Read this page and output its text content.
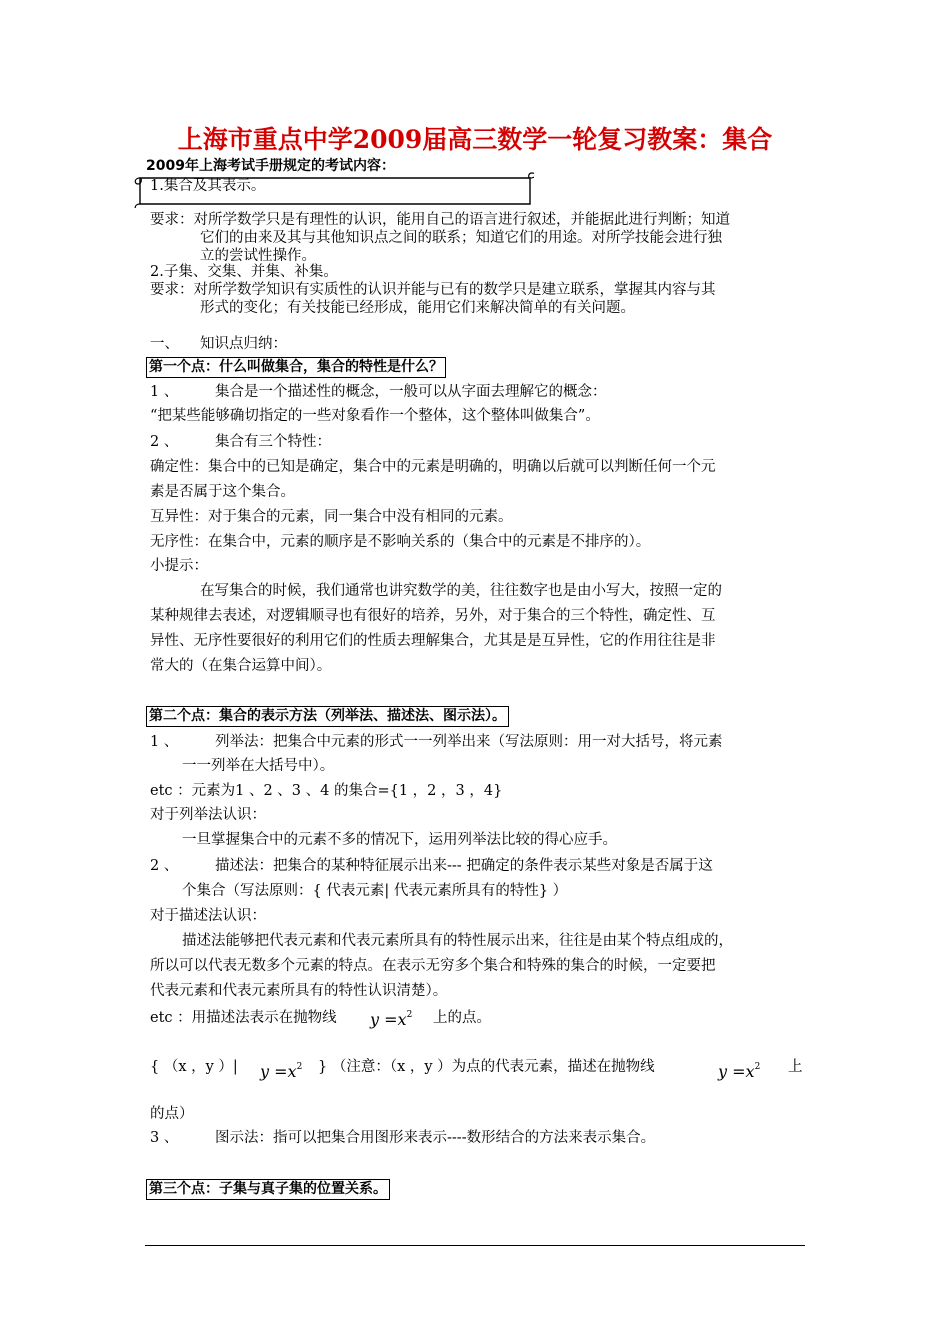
上海市重点中学2009届高三数学一轮复习教案：集合
2009年上海考试手册规定的考试内容：
1.集合及其表示。
要求：对所学数学只是有理性的认识，能用自己的语言进行叙述，并能据此进行判断；知道
它们的由来及其与其他知识点之间的联系；知道它们的用途。对所学技能会进行独
立的尝试性操作。
2.子集、交集、并集、补集。
要求：对所学数学知识有实质性的认识并能与已有的数学只是建立联系，掌握其内容与其
形式的变化；有关技能已经形成，能用它们来解决简单的有关问题。
一、 知识点归纳：
第一个点：什么叫做集合，集合的特性是什么？
1 、	集合是一个描述性的概念，一般可以从字面去理解它的概念：
“把某些能够确切指定的一些对象看作一个整体，这个整体叫做集合”。
2 、	集合有三个特性：
确定性：集合中的已知是确定，集合中的元素是明确的，明确以后就可以判断任何一个元
素是否属于这个集合。
互异性：对于集合的元素，同一集合中没有相同的元素。
无序性：在集合中，元素的顺序是不影响关系的（集合中的元素是不排序的）。
小提示：
在写集合的时候，我们通常也讲究数学的美，往往数字也是由小写大，按照一定的
某种规律去表述，对逻辑顺寻也有很好的培养，另外，对于集合的三个特性，确定性、互
异性、无序性要很好的利用它们的性质去理解集合，尤其是是互异性，它的作用往往是非
常大的（在集合运算中间）。
第二个点：集合的表示方法（列举法、描述法、图示法）。
1 、	列举法：把集合中元素的形式一一列举出来（写法原则：用一对大括号，将元素
一一列举在大括号中）。
etc ：元素为1 、2 、3 、4 的集合={1 ，2 ，3 ，4}
对于列举法认识：
一旦掌握集合中的元素不多的情况下，运用列举法比较的得心应手。
2 、	描述法：把集合的某种特征展示出来--- 把确定的条件表示某些对象是否属于这
个集合（写法原则：{ 代表元素| 代表元素所具有的特性} ）
对于描述法认识：
描述法能够把代表元素和代表元素所具有的特性展示出来，往往是由某个特点组成的，
所以可以代表无数多个元素的特点。在表示无穷多个集合和特殊的集合的时候，一定要把
代表元素和代表元素所具有的特性认识清楚）。
etc ：用描述法表示在抛物线 $y =x^2$ 上的点。
{ （x ，y ）| $y =x^2$ } （注意：（x ，y ）为点的代表元素，描述在抛物线	$y =x^2$ 上
的点）
3 、	图示法：指可以把集合用图形来表示----数形结合的方法来表示集合。
第三个点：子集与真子集的位置关系。
